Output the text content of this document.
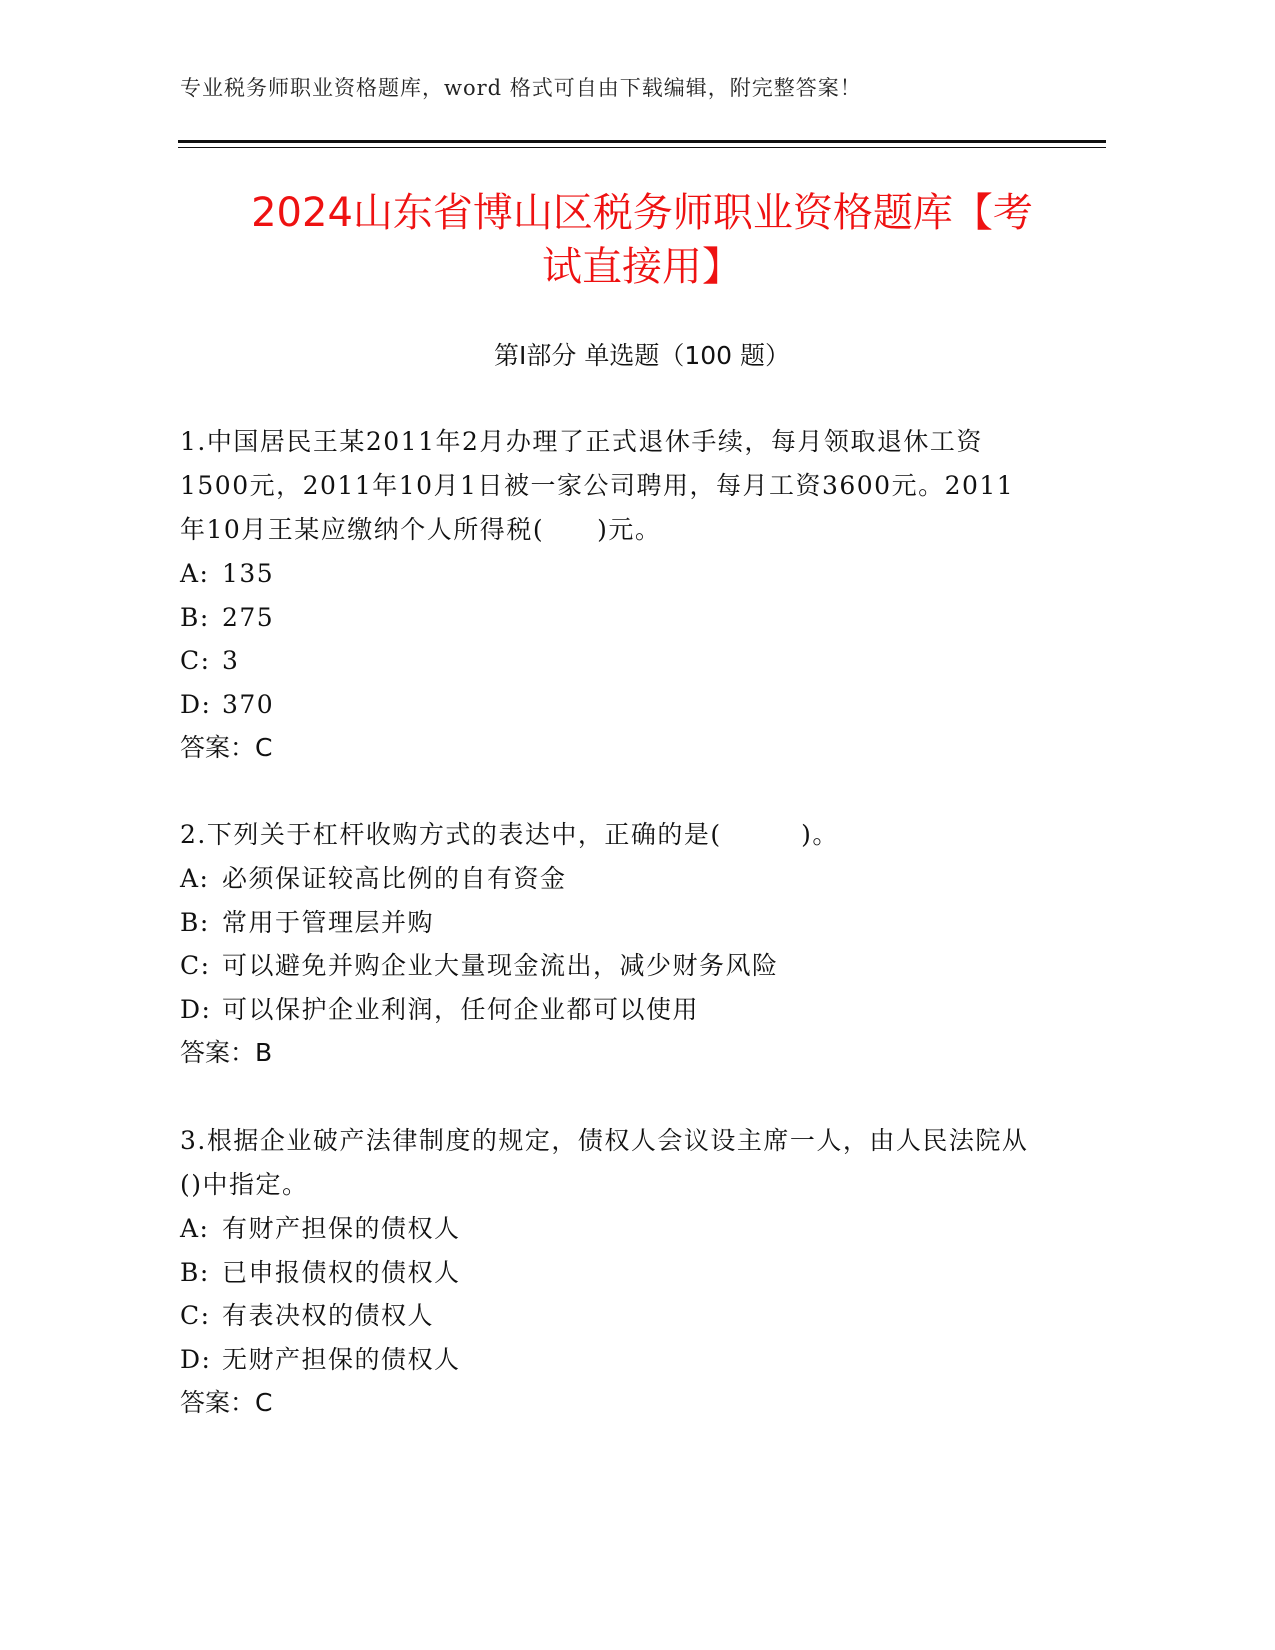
专业税务师职业资格题库，word 格式可自由下载编辑，附完整答案！
2024山东省博山区税务师职业资格题库【考
试直接用】
第Ⅰ部分 单选题（100 题）

1.中国居民王某2011年2月办理了正式退休手续，每月领取退休工资1500元，2011年10月1日被一家公司聘用，每月工资3600元。2011年10月王某应缴纳个人所得税(　　)元。

A: 135

B: 275

C: 3

D: 370

答案：C

2.下列关于杠杆收购方式的表达中，正确的是(　　　)。

A: 必须保证较高比例的自有资金

B: 常用于管理层并购

C: 可以避免并购企业大量现金流出，减少财务风险

D: 可以保护企业利润，任何企业都可以使用

答案：B

3.根据企业破产法律制度的规定，债权人会议设主席一人，由人民法院从()中指定。

A: 有财产担保的债权人

B: 已申报债权的债权人

C: 有表决权的债权人

D: 无财产担保的债权人

答案：C
